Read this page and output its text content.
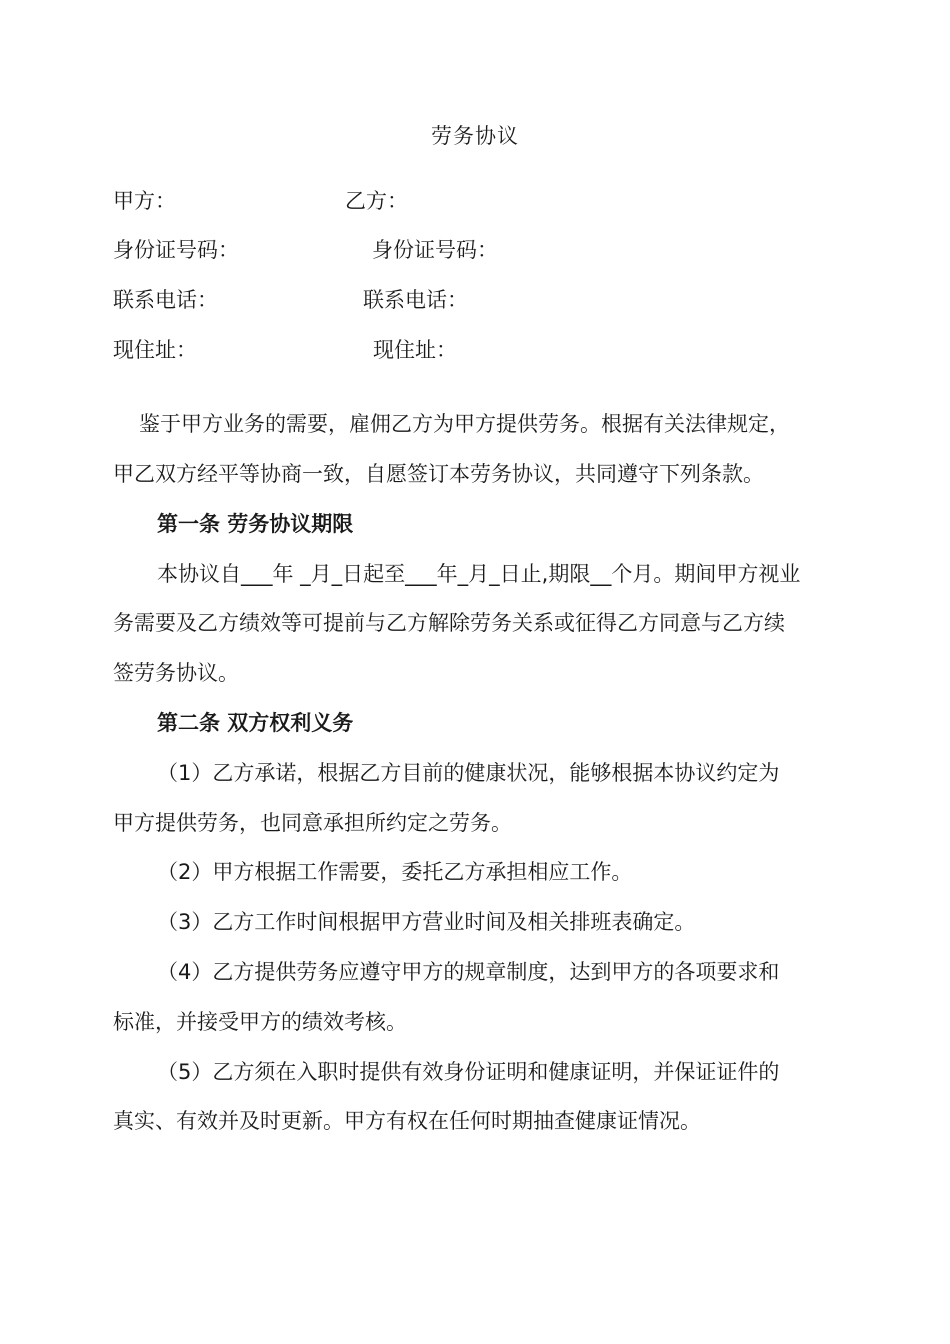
劳务协议
甲方：	乙方：
身份证号码：	身份证号码：
联系电话：	联系电话：
现住址：	现住址：
鉴于甲方业务的需要，雇佣乙方为甲方提供劳务。根据有关法律规定，
甲乙双方经平等协商一致，自愿签订本劳务协议，共同遵守下列条款。
第一条 劳务协议期限
本协议自___年 _月_日起至___年_月_日止,期限__个月。期间甲方视业
务需要及乙方绩效等可提前与乙方解除劳务关系或征得乙方同意与乙方续
签劳务协议。
第二条 双方权利义务
（1）乙方承诺，根据乙方目前的健康状况，能够根据本协议约定为
甲方提供劳务，也同意承担所约定之劳务。
（2）甲方根据工作需要，委托乙方承担相应工作。
（3）乙方工作时间根据甲方营业时间及相关排班表确定。
（4）乙方提供劳务应遵守甲方的规章制度，达到甲方的各项要求和
标准，并接受甲方的绩效考核。
（5）乙方须在入职时提供有效身份证明和健康证明，并保证证件的
真实、有效并及时更新。甲方有权在任何时期抽查健康证情况。
